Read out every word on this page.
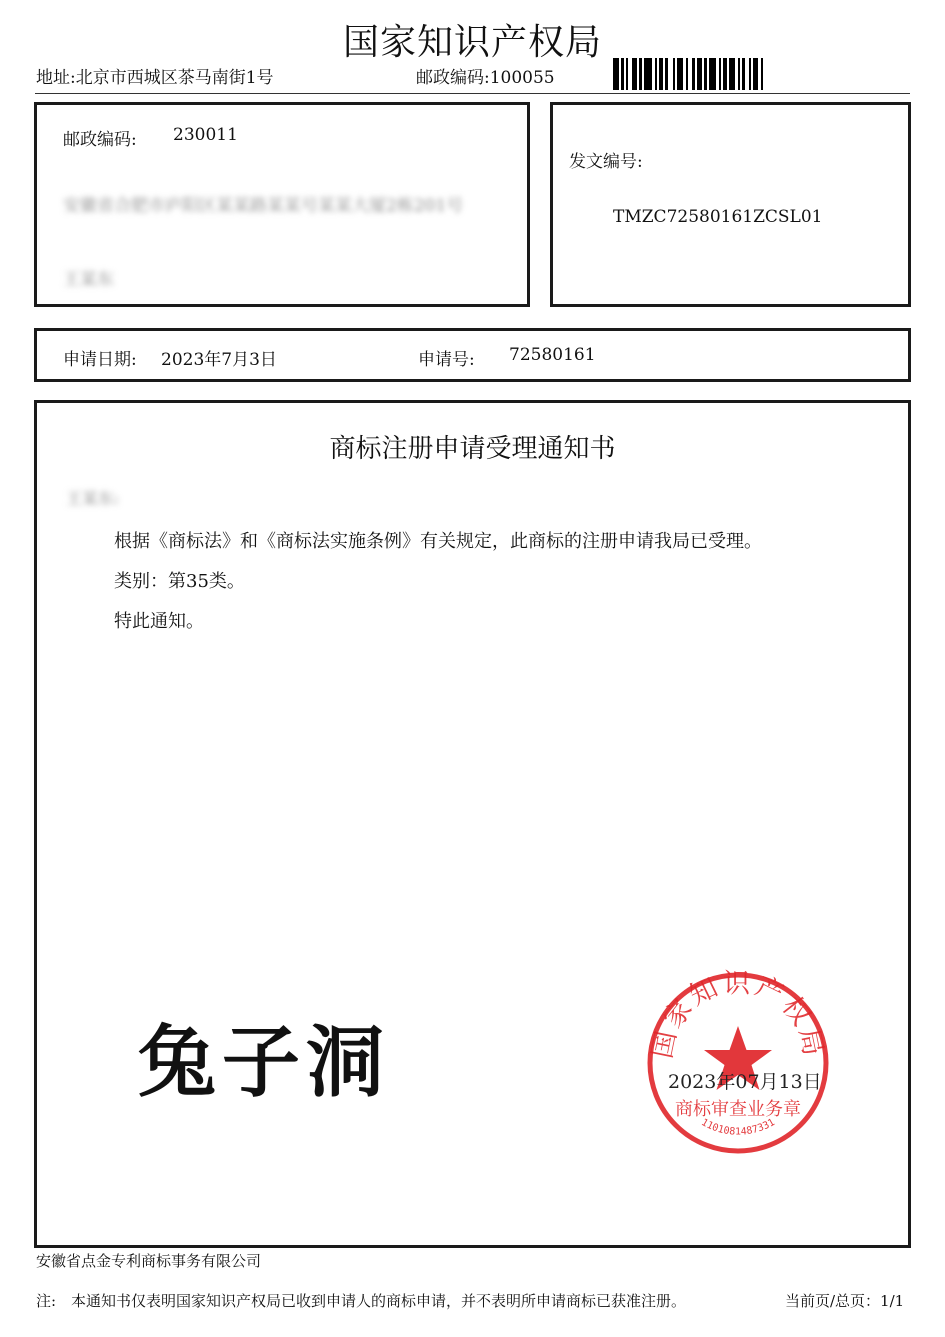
国家知识产权局
地址:北京市西城区茶马南街1号	邮政编码:100055
邮政编码: 230011
安徽省合肥市庐阳区某某路某某号某某大厦2栋201号
王某东
发文编号:
TMZC72580161ZCSL01
申请日期: 2023年7月3日	申请号: 72580161
商标注册申请受理通知书
王某东:
根据《商标法》和《商标法实施条例》有关规定，此商标的注册申请我局已受理。
类别：第35类。
特此通知。
兔子洞	国家知识产权局
商标审查业务章
1101081487331
2023年07月13日
安徽省点金专利商标事务有限公司
注:　本通知书仅表明国家知识产权局已收到申请人的商标申请，并不表明所申请商标已获准注册。	当前页/总页：1/1
